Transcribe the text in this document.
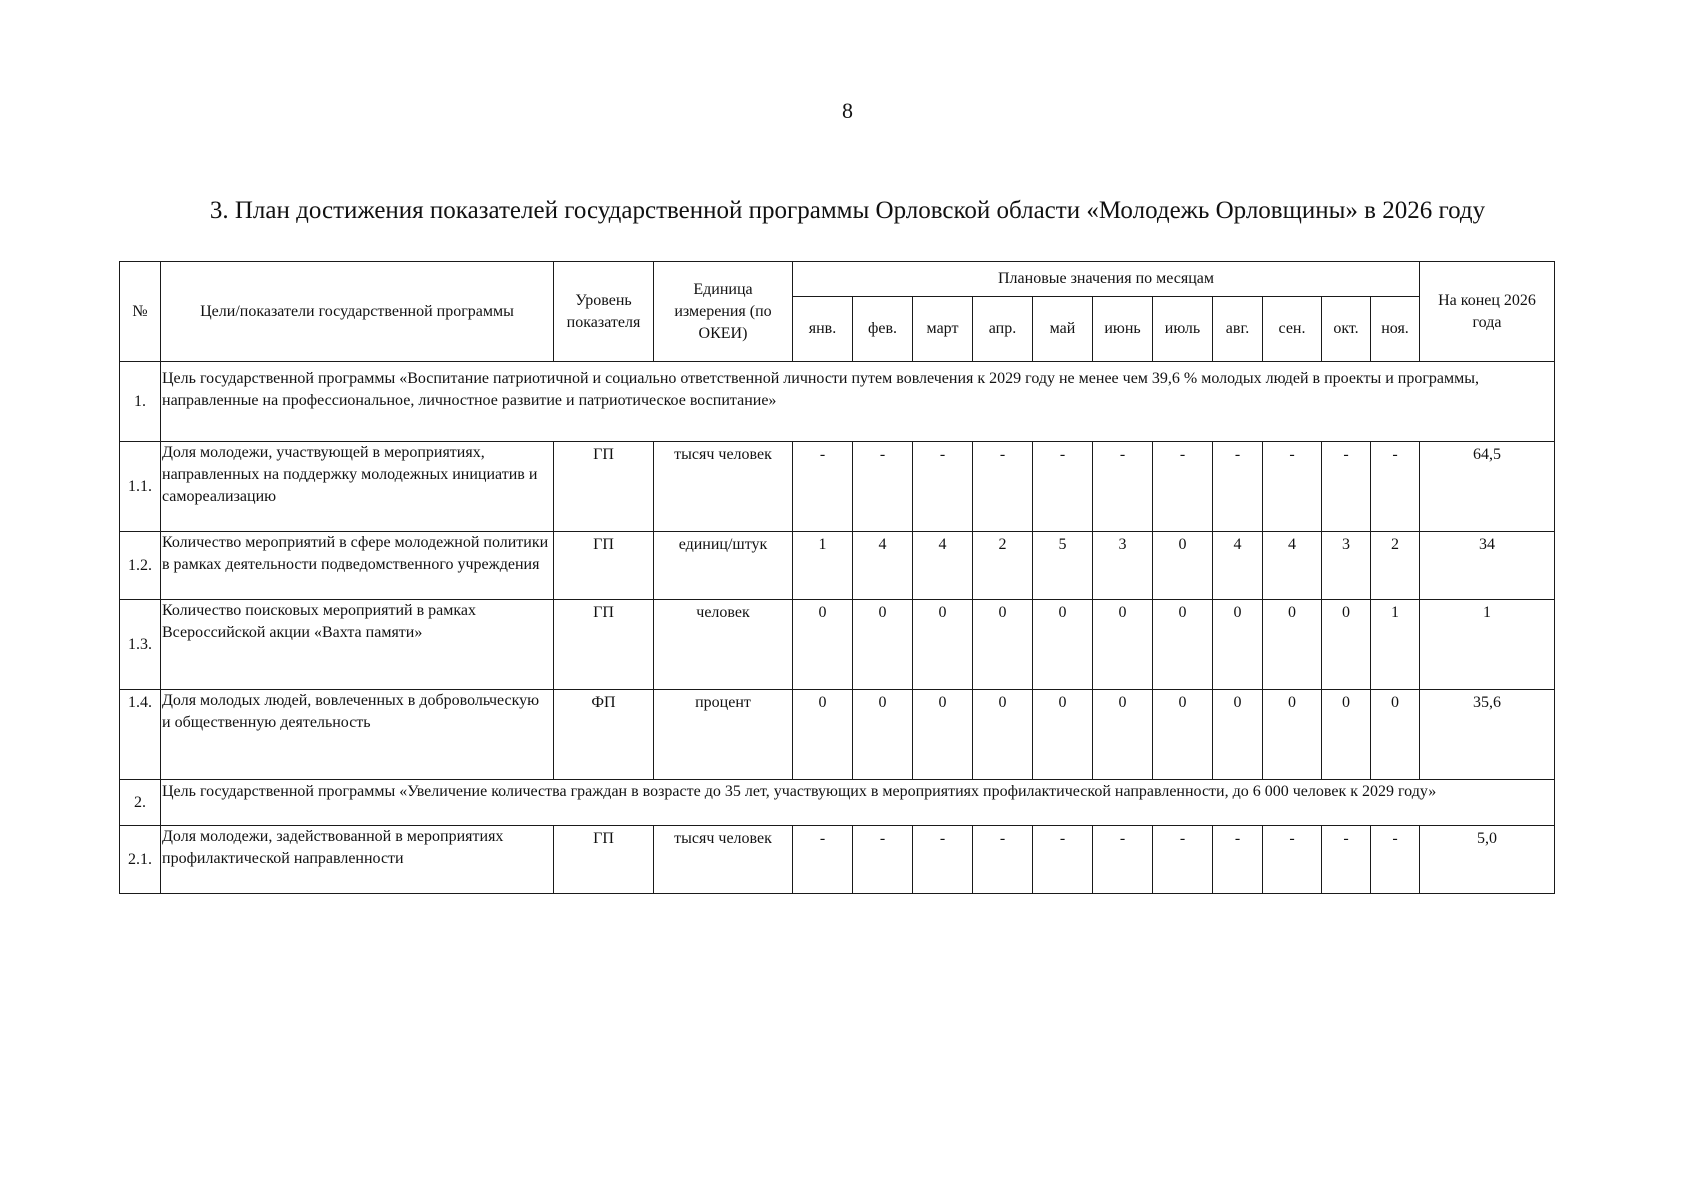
8
3. План достижения показателей государственной программы Орловской области «Молодежь Орловщины» в 2026 году
№	Цели/показатели государственной программы	Уровень показателя	Единица измерения (по ОКЕИ)	Плановые значения по месяцам											На конец 2026 года
				янв.	фев.	март	апр.	май	июнь	июль	авг.	сен.	окт.	ноя.	
1.	Цель государственной программы «Воспитание патриотичной и социально ответственной личности путем вовлечения к 2029 году не менее чем 39,6 % молодых людей в проекты и программы, направленные на профессиональное, личностное развитие и патриотическое воспитание»														
1.1.	Доля молодежи, участвующей в мероприятиях, направленных на поддержку молодежных инициатив и самореализацию	ГП	тысяч человек	-	-	-	-	-	-	-	-	-	-	-	64,5
1.2.	Количество мероприятий в сфере молодежной политики в рамках деятельности подведомственного учреждения	ГП	единиц/штук	1	4	4	2	5	3	0	4	4	3	2	34
1.3.	Количество поисковых мероприятий в рамках Всероссийской акции «Вахта памяти»	ГП	человек	0	0	0	0	0	0	0	0	0	0	1	1
1.4.	Доля молодых людей, вовлеченных в добровольческую и общественную деятельность	ФП	процент	0	0	0	0	0	0	0	0	0	0	0	35,6
2.	Цель государственной программы «Увеличение количества граждан в возрасте до 35 лет, участвующих в мероприятиях профилактической направленности, до 6 000 человек к 2029 году»														
2.1.	Доля молодежи, задействованной в мероприятиях профилактической направленности	ГП	тысяч человек	-	-	-	-	-	-	-	-	-	-	-	5,0
